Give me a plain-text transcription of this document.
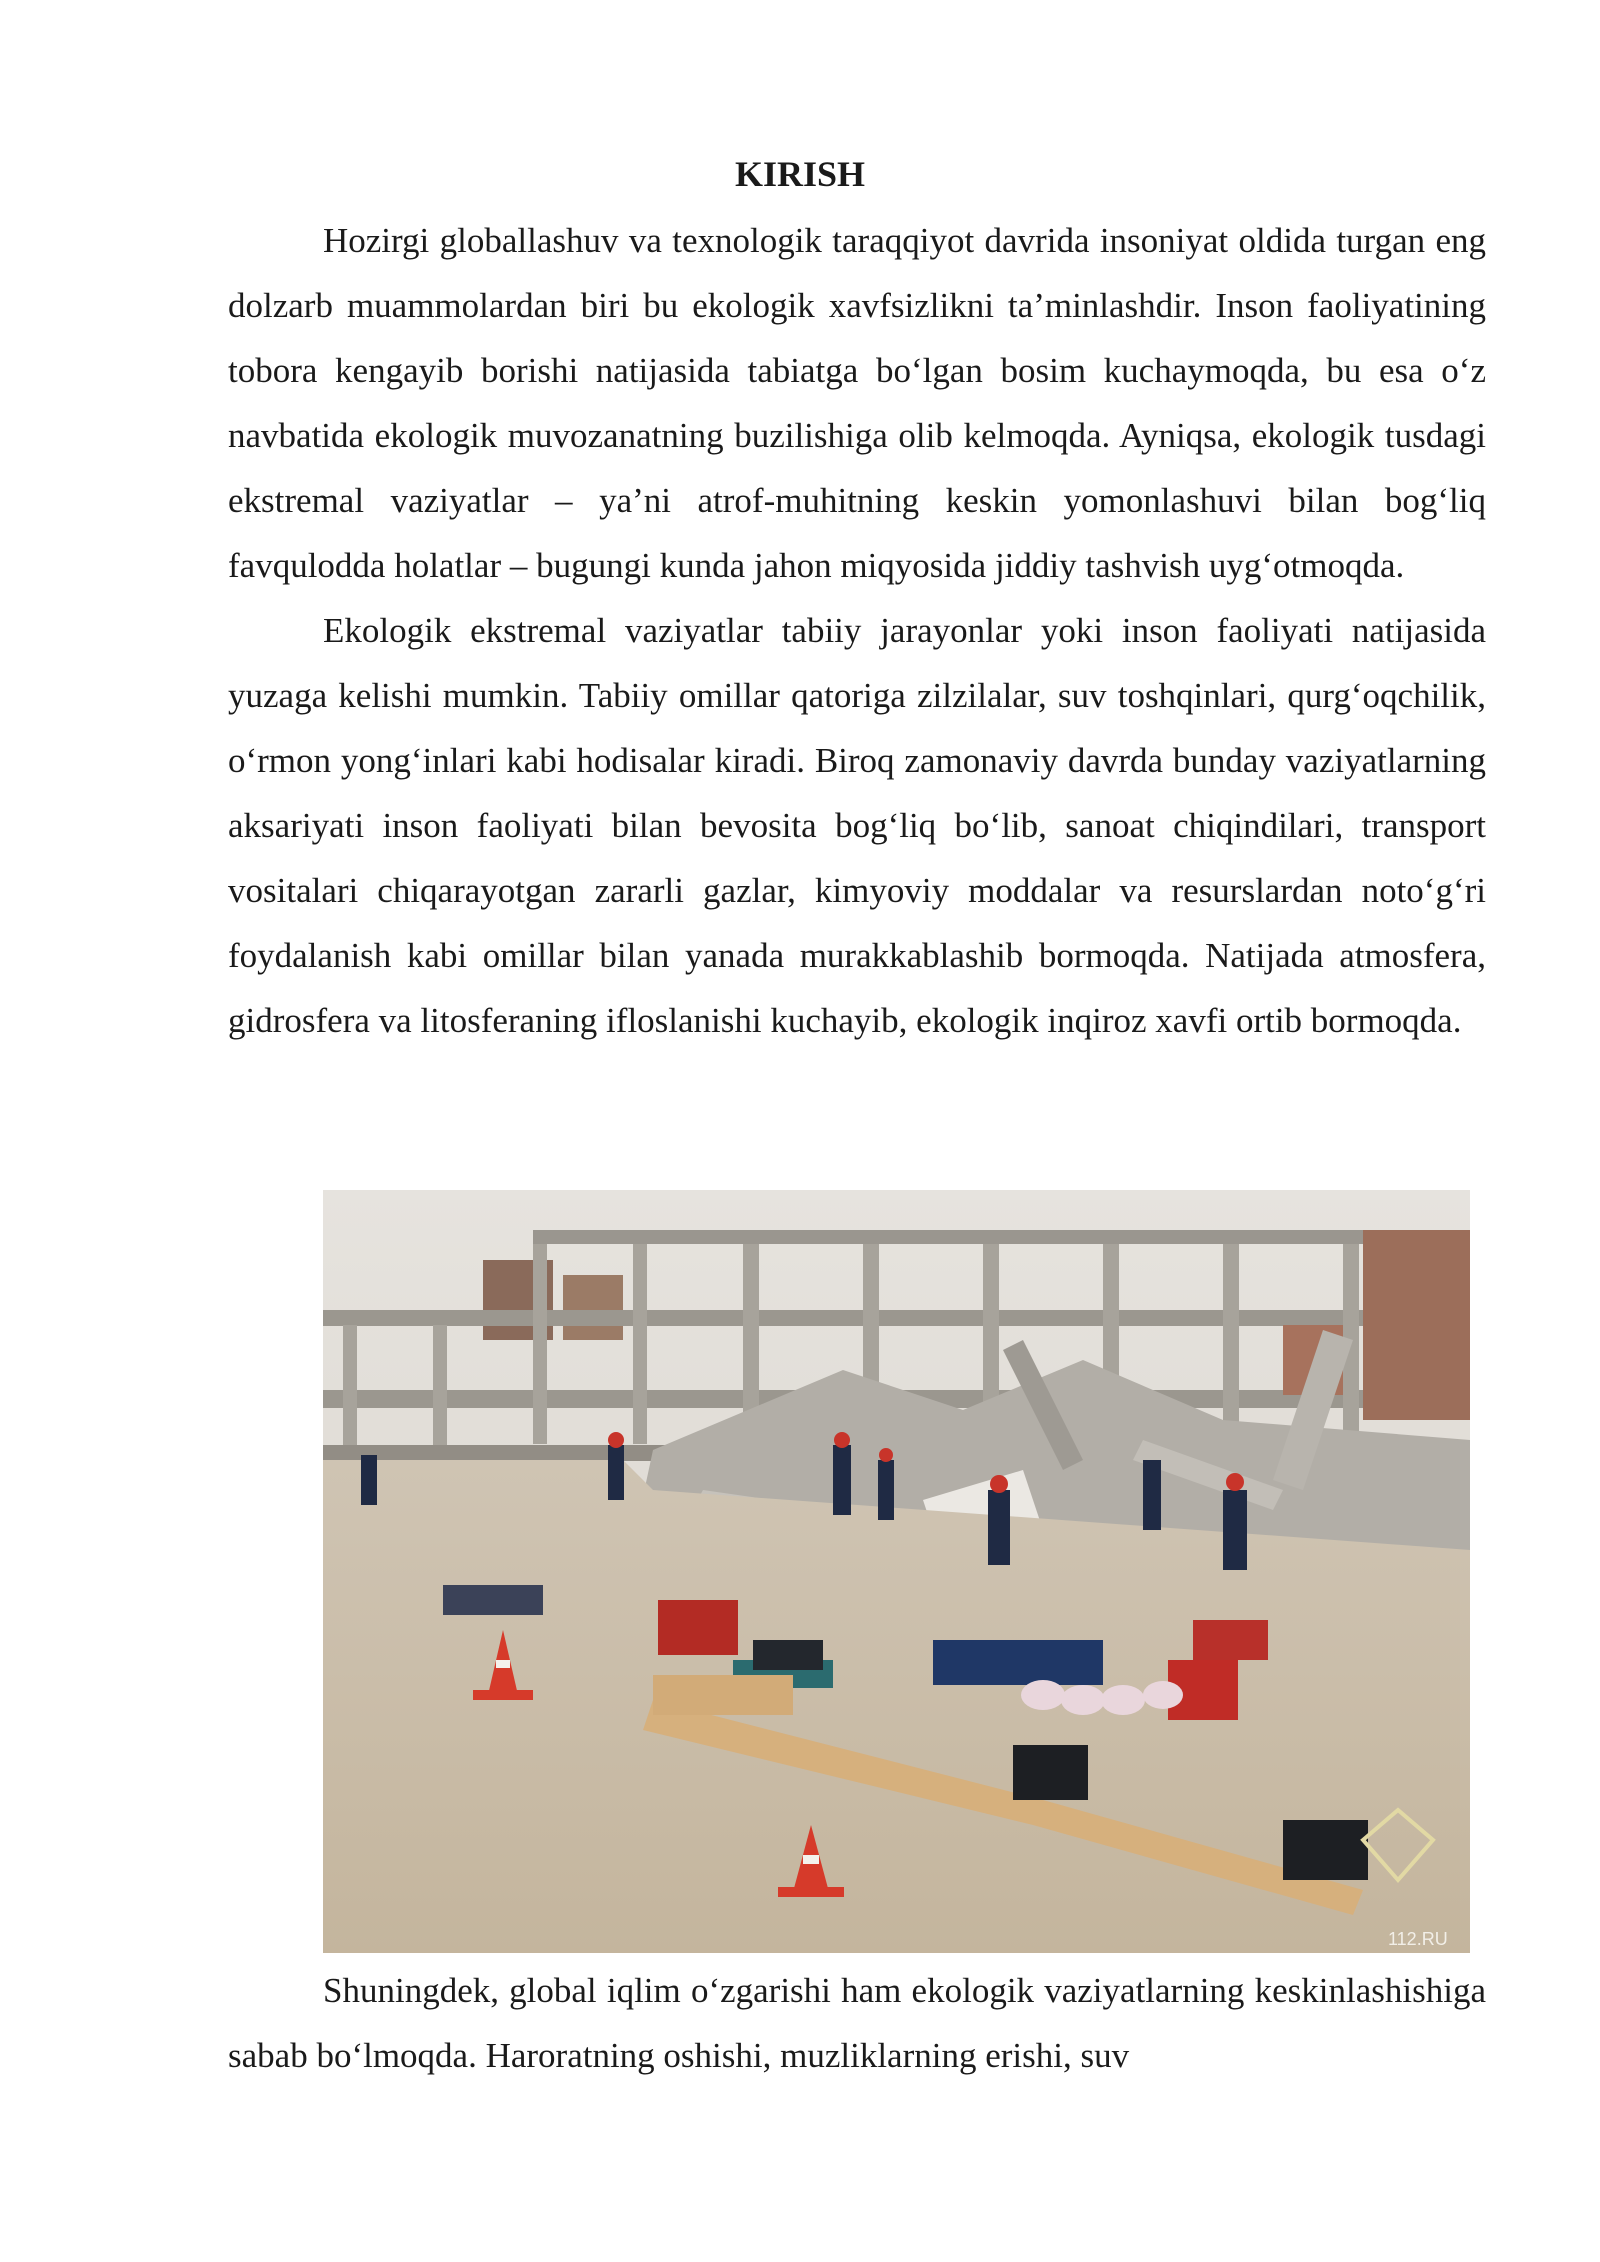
KIRISH

Hozirgi globallashuv va texnologik taraqqiyot davrida insoniyat oldida turgan eng dolzarb muammolardan biri bu ekologik xavfsizlikni ta’minlashdir. Inson faoliyatining tobora kengayib borishi natijasida tabiatga bo‘lgan bosim kuchaymoqda, bu esa o‘z navbatida ekologik muvozanatning buzilishiga olib kelmoqda. Ayniqsa, ekologik tusdagi ekstremal vaziyatlar – ya’ni atrof-muhitning keskin yomonlashuvi bilan bog‘liq favqulodda holatlar – bugungi kunda jahon miqyosida jiddiy tashvish uyg‘otmoqda.

Ekologik ekstremal vaziyatlar tabiiy jarayonlar yoki inson faoliyati natijasida yuzaga kelishi mumkin. Tabiiy omillar qatoriga zilzilalar, suv toshqinlari, qurg‘oqchilik, o‘rmon yong‘inlari kabi hodisalar kiradi. Biroq zamonaviy davrda bunday vaziyatlarning aksariyati inson faoliyati bilan bevosita bog‘liq bo‘lib, sanoat chiqindilari, transport vositalari chiqarayotgan zararli gazlar, kimyoviy moddalar va resurslardan noto‘g‘ri foydalanish kabi omillar bilan yanada murakkablashib bormoqda. Natijada atmosfera, gidrosfera va litosferaning ifloslanishi kuchayib, ekologik inqiroz xavfi ortib bormoqda.

112.RU

Shuningdek, global iqlim o‘zgarishi ham ekologik vaziyatlarning keskinlashishiga sabab bo‘lmoqda. Haroratning oshishi, muzliklarning erishi, suv
